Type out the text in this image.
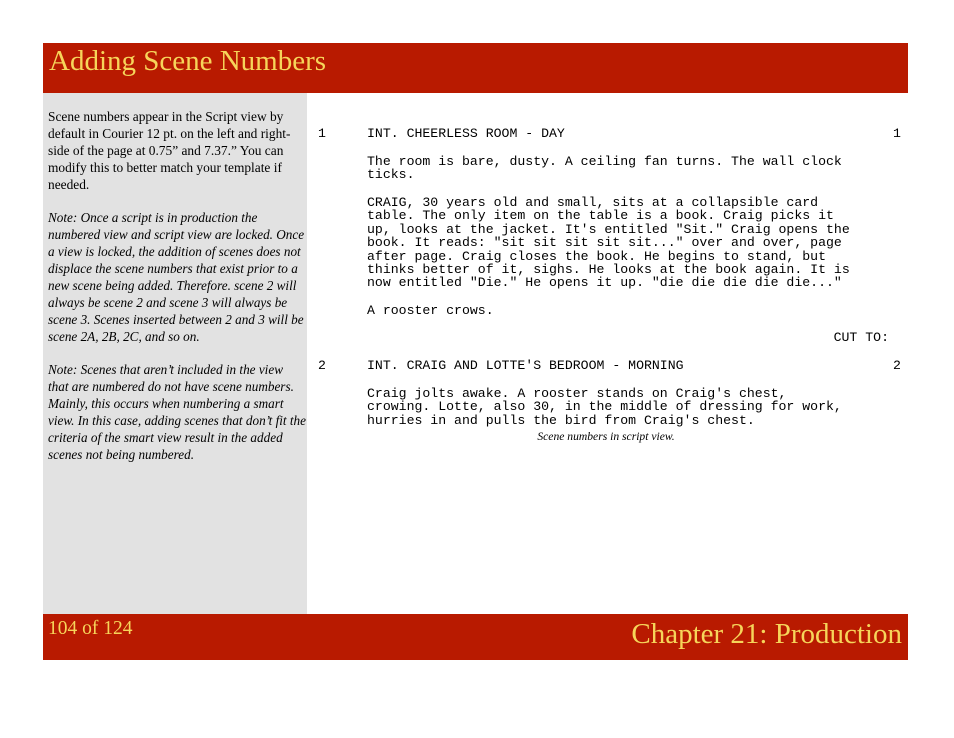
Adding Scene Numbers

Scene numbers appear in the Script view by default in Courier 12 pt. on the left and right-side of the page at 0.75” and 7.37.” You can modify this to better match your template if needed.

Note: Once a script is in production the numbered view and script view are locked. Once a view is locked, the addition of scenes does not displace the scene numbers that exist prior to a new scene being added. Therefore. scene 2 will always be scene 2 and scene 3 will always be scene 3. Scenes inserted between 2 and 3 will be scene 2A, 2B, 2C, and so on.

Note: Scenes that aren’t included in the view that are numbered do not have scene numbers. Mainly, this occurs when numbering a smart view. In this case, adding scenes that don’t fit the criteria of the smart view result in the added scenes not being numbered.

1	INT. CHEERLESS ROOM - DAY	1
The room is bare, dusty. A ceiling fan turns. The wall clock
ticks.
CRAIG, 30 years old and small, sits at a collapsible card
table. The only item on the table is a book. Craig picks it
up, looks at the jacket. It's entitled "Sit." Craig opens the
book. It reads: "sit sit sit sit sit..." over and over, page
after page. Craig closes the book. He begins to stand, but
thinks better of it, sighs. He looks at the book again. It is
now entitled "Die." He opens it up. "die die die die die..."
A rooster crows.
CUT TO:
2	INT. CRAIG AND LOTTE'S BEDROOM - MORNING	2
Craig jolts awake. A rooster stands on Craig's chest,
crowing. Lotte, also 30, in the middle of dressing for work,
hurries in and pulls the bird from Craig's chest.
Scene numbers in script view.
104 of 124	Chapter 21: Production
